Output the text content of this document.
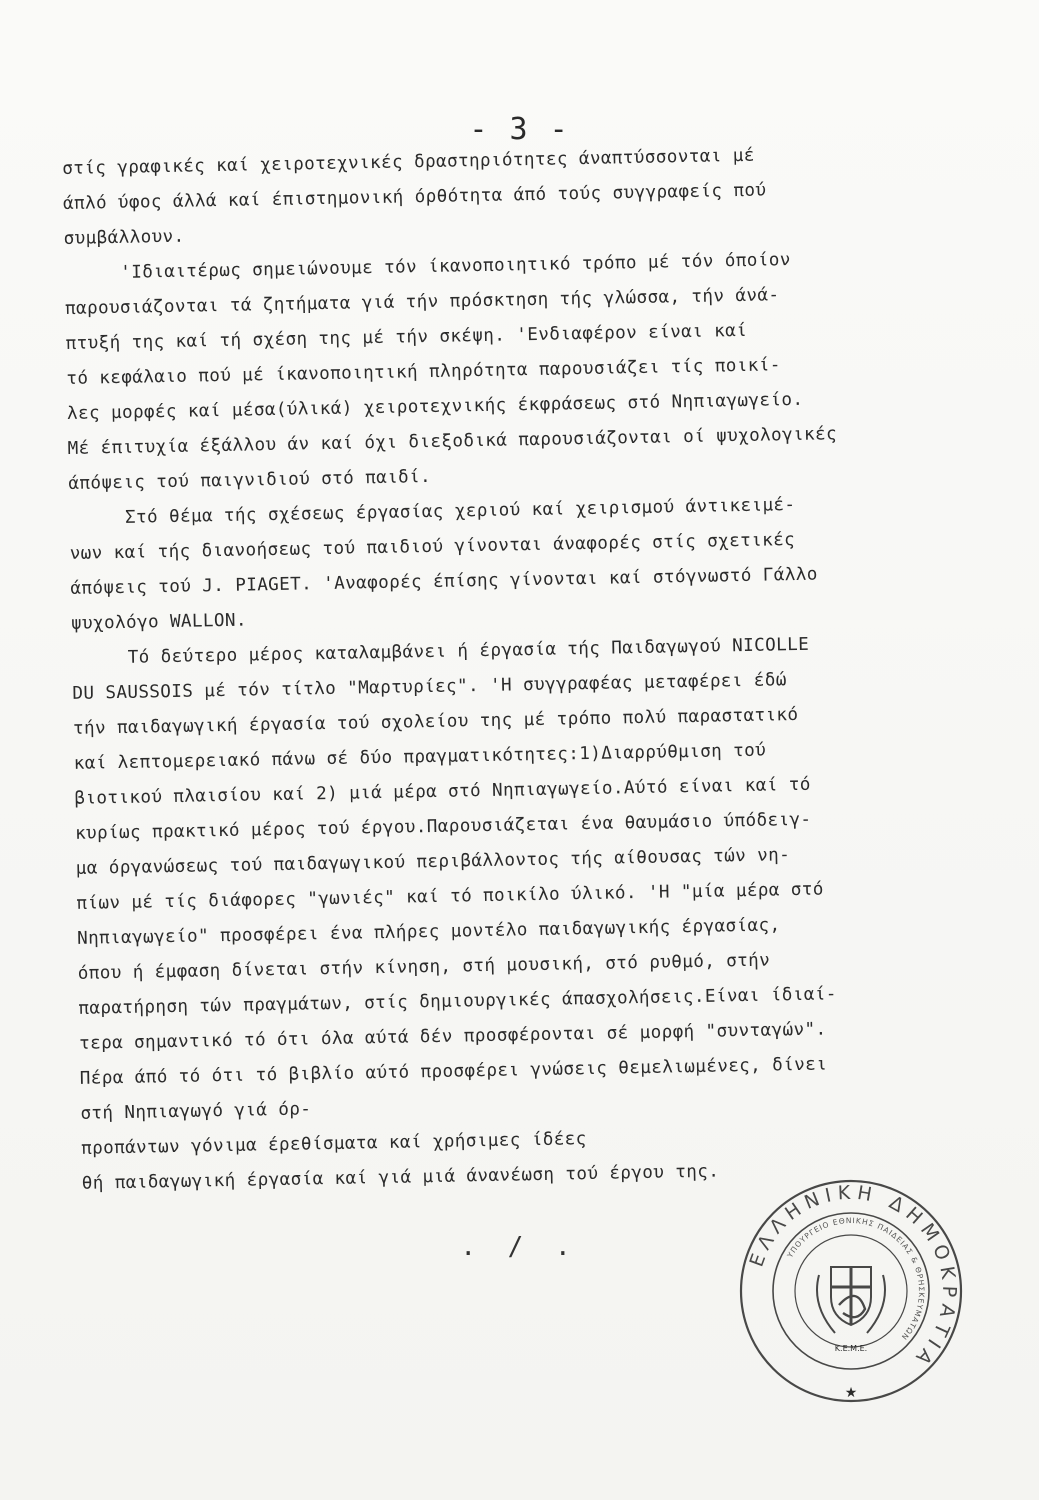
- 3 -
στίς γραφικές καί χειροτεχνικές δραστηριότητες άναπτύσσονται μέ
άπλό ύφος άλλά καί έπιστημονική όρθότητα άπό τούς συγγραφείς πού
συμβάλλουν.
'Ιδιαιτέρως σημειώνουμε τόν ίκανοποιητικό τρόπο μέ τόν όποίον
παρουσιάζονται τά ζητήματα γιά τήν πρόσκτηση τής γλώσσα, τήν άνά-
πτυξή της καί τή σχέση της μέ τήν σκέψη. 'Ενδιαφέρον είναι καί
τό κεφάλαιο πού μέ ίκανοποιητική πληρότητα παρουσιάζει τίς ποικί-
λες μορφές καί μέσα(ύλικά) χειροτεχνικής έκφράσεως στό Νηπιαγωγείο.
Μέ έπιτυχία έξάλλου άν καί όχι διεξοδικά παρουσιάζονται οί ψυχολογικές
άπόψεις τού παιγνιδιού στό παιδί.
Στό θέμα τής σχέσεως έργασίας χεριού καί χειρισμού άντικειμέ-
νων καί τής διανοήσεως τού παιδιού γίνονται άναφορές στίς σχετικές
άπόψεις τού J. PIAGET. 'Αναφορές έπίσης γίνονται καί στόγνωστό Γάλλο
ψυχολόγο WALLON.
Τό δεύτερο μέρος καταλαμβάνει ή έργασία τής Παιδαγωγού NICOLLE
DU SAUSSOIS μέ τόν τίτλο "Μαρτυρίες". 'Η συγγραφέας μεταφέρει έδώ
τήν παιδαγωγική έργασία τού σχολείου της μέ τρόπο πολύ παραστατικό
καί λεπτομερειακό πάνω σέ δύο πραγματικότητες:1)Διαρρύθμιση τού
βιοτικού πλαισίου καί 2) μιά μέρα στό Νηπιαγωγείο.Αύτό είναι καί τό
κυρίως πρακτικό μέρος τού έργου.Παρουσιάζεται ένα θαυμάσιο ύπόδειγ-
μα όργανώσεως τού παιδαγωγικού περιβάλλοντος τής αίθουσας τών νη-
πίων μέ τίς διάφορες "γωνιές" καί τό ποικίλο ύλικό. 'Η "μία μέρα στό
Νηπιαγωγείο" προσφέρει ένα πλήρες μοντέλο παιδαγωγικής έργασίας,
όπου ή έμφαση δίνεται στήν κίνηση, στή μουσική, στό ρυθμό, στήν
παρατήρηση τών πραγμάτων, στίς δημιουργικές άπασχολήσεις.Είναι ίδιαί-
τερα σημαντικό τό ότι όλα αύτά δέν προσφέρονται σέ μορφή "συνταγών".
Πέρα άπό τό ότι τό βιβλίο αύτό προσφέρει γνώσεις θεμελιωμένες, δίνει
στή Νηπιαγωγό γιά όρ-
προπάντων γόνιμα έρεθίσματα καί χρήσιμες ίδέες
θή παιδαγωγική έργασία καί γιά μιά άνανέωση τού έργου της.
. / .	ΕΛΛΗΝΙΚΗ ΔΗΜΟΚΡΑΤΙΑ
ΥΠΟΥΡΓΕΙΟ ΕΘΝΙΚΗΣ ΠΑΙΔΕΙΑΣ & ΘΡΗΣΚΕΥΜΑΤΩΝ
Κ.Ε.Μ.Ε.
★
